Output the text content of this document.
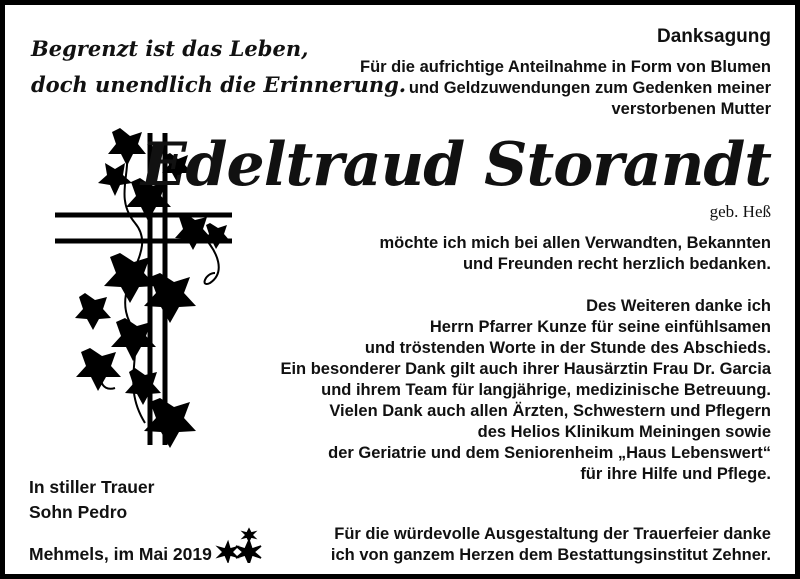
Begrenzt ist das Leben,
doch unendlich die Erinnerung.
Danksagung
Für die aufrichtige Anteilnahme in Form von Blumen
und Geldzuwendungen zum Gedenken meiner
verstorbenen Mutter
Edeltraud Storandt
geb. Heß
möchte ich mich bei allen Verwandten, Bekannten
und Freunden recht herzlich bedanken.
Des Weiteren danke ich
Herrn Pfarrer Kunze für seine einfühlsamen
und tröstenden Worte in der Stunde des Abschieds.
Ein besonderer Dank gilt auch ihrer Hausärztin Frau Dr. Garcia
und ihrem Team für langjährige, medizinische Betreuung.
Vielen Dank auch allen Ärzten, Schwestern und Pflegern
des Helios Klinikum Meiningen sowie
der Geriatrie und dem Seniorenheim „Haus Lebenswert“
für ihre Hilfe und Pflege.
In stiller Trauer
Sohn Pedro
Mehmels, im Mai 2019
Für die würdevolle Ausgestaltung der Trauerfeier danke
ich von ganzem Herzen dem Bestattungsinstitut Zehner.
